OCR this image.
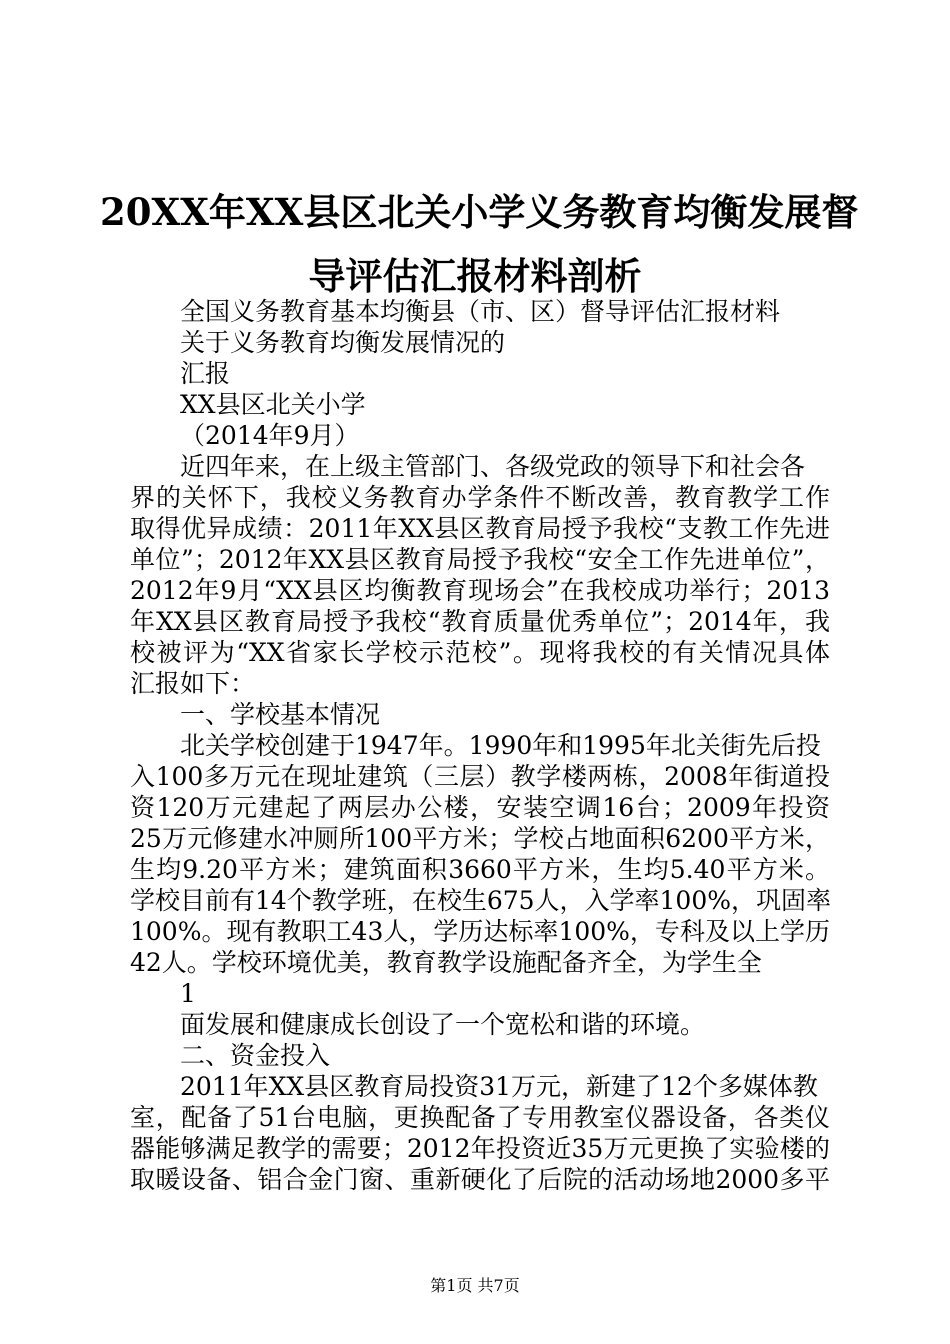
20XX年XX县区北关小学义务教育均衡发展督
导评估汇报材料剖析
全国义务教育基本均衡县（市、区）督导评估汇报材料
关于义务教育均衡发展情况的
汇报
XX县区北关小学
（2014年9月）
近四年来，在上级主管部门、各级党政的领导下和社会各
界的关怀下，我校义务教育办学条件不断改善，教育教学工作
取得优异成绩：2011年XX县区教育局授予我校“支教工作先进
单位”；2012年XX县区教育局授予我校“安全工作先进单位”，
2012年9月“XX县区均衡教育现场会”在我校成功举行；2013
年XX县区教育局授予我校“教育质量优秀单位”；2014年，我
校被评为“XX省家长学校示范校”。现将我校的有关情况具体
汇报如下：
一、学校基本情况
北关学校创建于1947年。1990年和1995年北关街先后投
入100多万元在现址建筑（三层）教学楼两栋，2008年街道投
资120万元建起了两层办公楼，安装空调16台；2009年投资
25万元修建水冲厕所100平方米；学校占地面积6200平方米，
生均9.20平方米；建筑面积3660平方米，生均5.40平方米。
学校目前有14个教学班，在校生675人，入学率100%，巩固率
100%。现有教职工43人，学历达标率100%，专科及以上学历
42人。学校环境优美，教育教学设施配备齐全，为学生全
1
面发展和健康成长创设了一个宽松和谐的环境。
二、资金投入
2011年XX县区教育局投资31万元，新建了12个多媒体教
室，配备了51台电脑，更换配备了专用教室仪器设备，各类仪
器能够满足教学的需要；2012年投资近35万元更换了实验楼的
取暖设备、铝合金门窗、重新硬化了后院的活动场地2000多平
第1页 共7页
